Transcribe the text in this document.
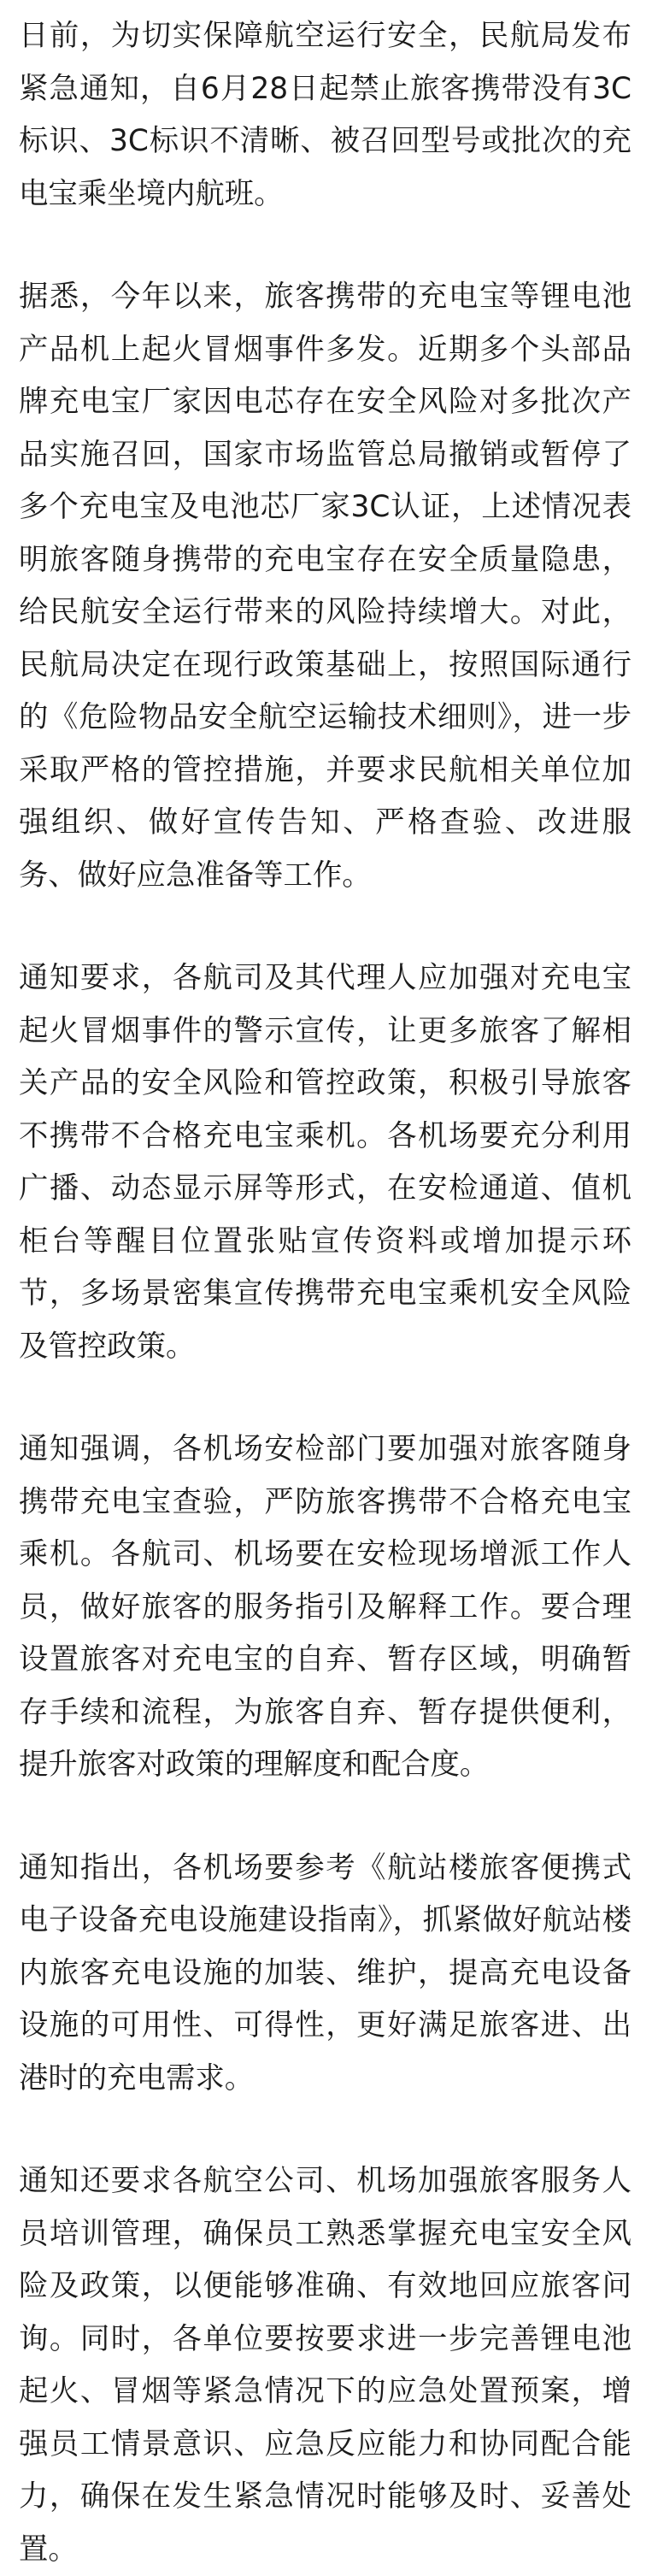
日前，为切实保障航空运行安全，民航局发布紧急通知，自6月28日起禁止旅客携带没有3C标识、3C标识不清晰、被召回型号或批次的充电宝乘坐境内航班。

据悉，今年以来，旅客携带的充电宝等锂电池产品机上起火冒烟事件多发。近期多个头部品牌充电宝厂家因电芯存在安全风险对多批次产品实施召回，国家市场监管总局撤销或暂停了多个充电宝及电池芯厂家3C认证，上述情况表明旅客随身携带的充电宝存在安全质量隐患，给民航安全运行带来的风险持续增大。对此，民航局决定在现行政策基础上，按照国际通行的《危险物品安全航空运输技术细则》，进一步采取严格的管控措施，并要求民航相关单位加强组织、做好宣传告知、严格查验、改进服务、做好应急准备等工作。

通知要求，各航司及其代理人应加强对充电宝起火冒烟事件的警示宣传，让更多旅客了解相关产品的安全风险和管控政策，积极引导旅客不携带不合格充电宝乘机。各机场要充分利用广播、动态显示屏等形式，在安检通道、值机柜台等醒目位置张贴宣传资料或增加提示环节，多场景密集宣传携带充电宝乘机安全风险及管控政策。

通知强调，各机场安检部门要加强对旅客随身携带充电宝查验，严防旅客携带不合格充电宝乘机。各航司、机场要在安检现场增派工作人员，做好旅客的服务指引及解释工作。要合理设置旅客对充电宝的自弃、暂存区域，明确暂存手续和流程，为旅客自弃、暂存提供便利，提升旅客对政策的理解度和配合度。

通知指出，各机场要参考《航站楼旅客便携式电子设备充电设施建设指南》，抓紧做好航站楼内旅客充电设施的加装、维护，提高充电设备设施的可用性、可得性，更好满足旅客进、出港时的充电需求。

通知还要求各航空公司、机场加强旅客服务人员培训管理，确保员工熟悉掌握充电宝安全风险及政策，以便能够准确、有效地回应旅客问询。同时，各单位要按要求进一步完善锂电池起火、冒烟等紧急情况下的应急处置预案，增强员工情景意识、应急反应能力和协同配合能力，确保在发生紧急情况时能够及时、妥善处置。
